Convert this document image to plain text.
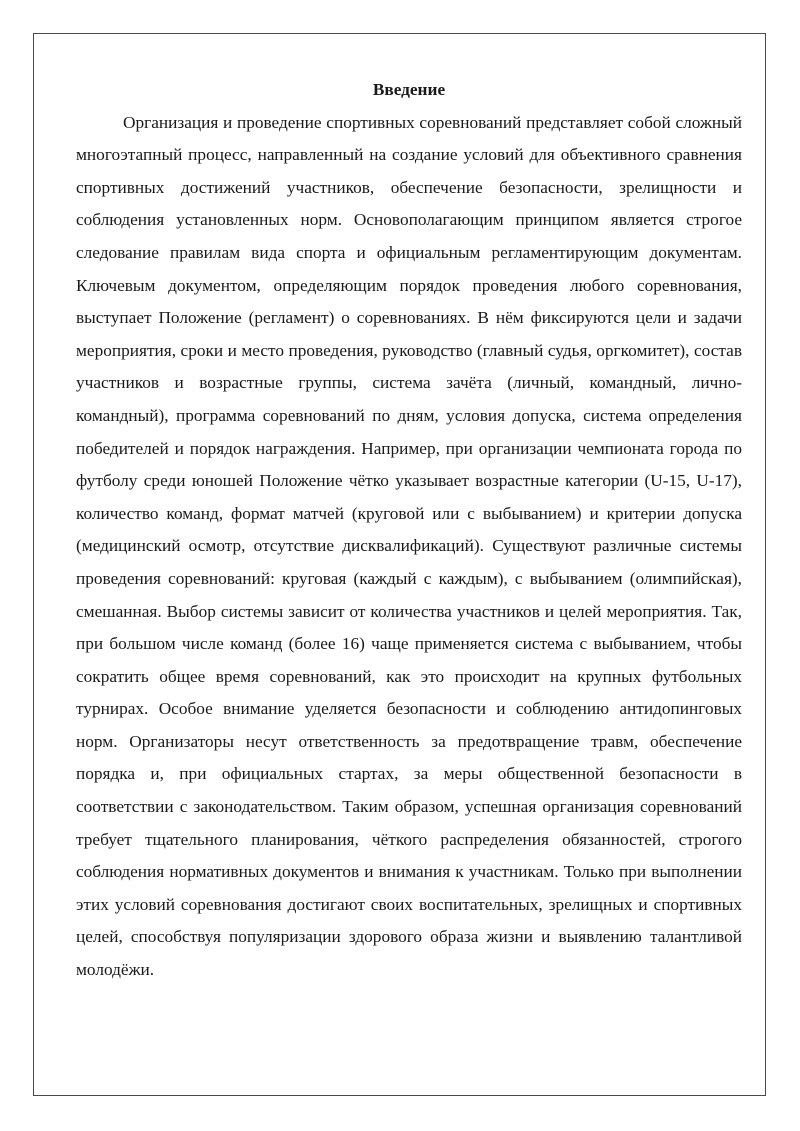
Введение

Организация и проведение спортивных соревнований представляет собой сложный многоэтапный процесс, направленный на создание условий для объективного сравнения спортивных достижений участников, обеспечение безопасности, зрелищности и соблюдения установленных норм. Основополагающим принципом является строгое следование правилам вида спорта и официальным регламентирующим документам. Ключевым документом, определяющим порядок проведения любого соревнования, выступает Положение (регламент) о соревнованиях. В нём фиксируются цели и задачи мероприятия, сроки и место проведения, руководство (главный судья, оргкомитет), состав участников и возрастные группы, система зачёта (личный, командный, лично-командный), программа соревнований по дням, условия допуска, система определения победителей и порядок награждения. Например, при организации чемпионата города по футболу среди юношей Положение чётко указывает возрастные категории (U-15, U-17), количество команд, формат матчей (круговой или с выбыванием) и критерии допуска (медицинский осмотр, отсутствие дисквалификаций). Существуют различные системы проведения соревнований: круговая (каждый с каждым), с выбыванием (олимпийская), смешанная. Выбор системы зависит от количества участников и целей мероприятия. Так, при большом числе команд (более 16) чаще применяется система с выбыванием, чтобы сократить общее время соревнований, как это происходит на крупных футбольных турнирах. Особое внимание уделяется безопасности и соблюдению антидопинговых норм. Организаторы несут ответственность за предотвращение травм, обеспечение порядка и, при официальных стартах, за меры общественной безопасности в соответствии с законодательством. Таким образом, успешная организация соревнований требует тщательного планирования, чёткого распределения обязанностей, строгого соблюдения нормативных документов и внимания к участникам. Только при выполнении этих условий соревнования достигают своих воспитательных, зрелищных и спортивных целей, способствуя популяризации здорового образа жизни и выявлению талантливой молодёжи.
